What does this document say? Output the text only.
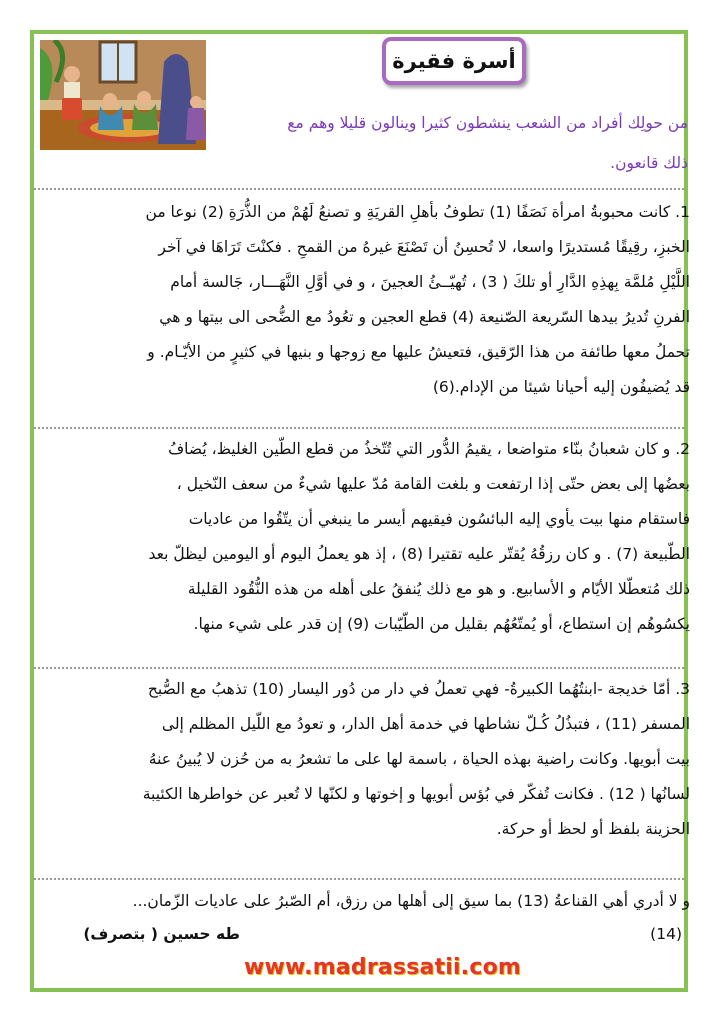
أسرة فقيرة
من حولِك أفراد من الشعب ينشطون كثيرا وينالون قليلا وهم مع
ذلك قانعون.
1. كانت محبوبةُ امرأة نَصَفًا (1) تطوفُ بأهلِ القريَةِ و تصنعُ لَهُمْ من الذُّرَةِ (2) نوعا من
الخبزِ، رقِيقًا مُستديرًا واسعا، لا تُحسِنُ أن تَصْنَعَ غيرهُ من القمحِ . فكنْتَ تَرَاهَا في آخر
اللَّيْلِ مُلمَّة بِهذِهِ الدَّارِ أو تلكَ ( 3) ، تُهيّــئُ العجينَ ، و في أوَّلِ النَّهَـــار، جَالسة أمام
الفرنِ تُديرُ بيدها السّريعة الصّنيعة (4) قطع العجين و تعُودُ مع الضُّحى الى بيتها و هي
تحملُ معها طائفة من هذا الرّقيق، فتعيشُ عليها مع زوجها و بنيها في كثيرٍ من الأيّـام. و
قد يُضيفُون إليه أحيانا شيئا من الإدام.(6)
2. و كان شعبانُ بنّاء متواضعا ، يقيمُ الدُّور التي تُتّخذُ من قطع الطّين الغليظ، يُضافُ
بعضُها إلى بعض حتّى إذا ارتفعت و بلغت القامة مُدّ عليها شيءٌ من سعف النّخيل ،
فاستقام منها بيت يأوي إليه البائسُون فيقيهم أيسر ما ينبغي أن يتّقُوا من عاديات
الطّبيعة (7) . و كان رزقُهُ يُقتّر عليه تقتيرا (8) ، إذ هو يعملُ اليوم أو اليومين ليظلّ بعد
ذلك مُتعطّلا الأيّام و الأسابيع. و هو مع ذلك يُنفقُ على أهله من هذه النُّقُود القليلة
يكسُوهُم إن استطاع، أو يُمتّعُهُم بقليل من الطّيّبات (9) إن قدر على شيء منها.
3. أمّا خديجة -ابنتُهُما الكبيرةُ- فهي تعملُ في دار من دُور اليسار (10) تذهبُ مع الصُّبح
المسفر (11) ، فتبذُلُ كُـلّ نشاطها في خدمة أهل الدار، و تعودُ مع اللّيل المظلم إلى
بيت أبويها. وكانت راضية بهذه الحياة ، باسمة لها على ما تشعرُ به من حُزن لا يُبينُ عنهُ
لسانُها ( 12) . فكانت تُفكّر في بُؤس أبويها و إخوتها و لكنّها لا تُعبر عن خواطرها الكئيبة
الحزينة بلفظ أو لحظ أو حركة.
و لا أدري أهي القناعةُ (13) بما سيق إلى أهلها من رزق، أم الصّبرُ على عاديات الزّمان...
(14)
طه حسين ( بتصرف)
www.madrassatii.com
